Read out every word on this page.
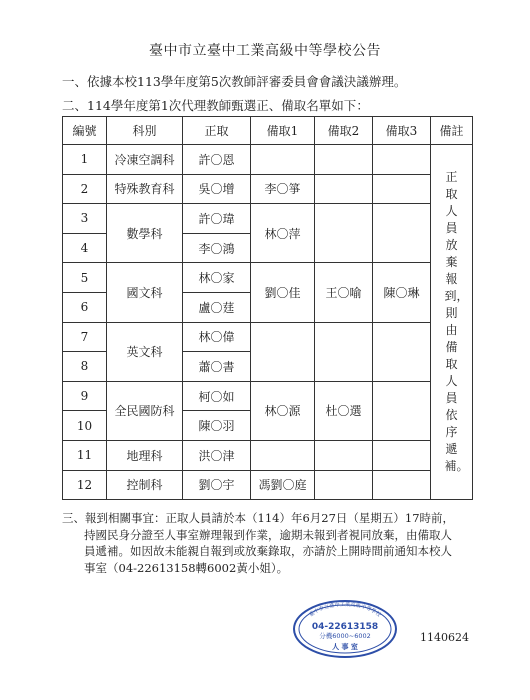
臺中市立臺中工業高級中等學校公告
一、依據本校113學年度第5次教師評審委員會會議決議辦理。
二、114學年度第1次代理教師甄選正、備取名單如下：
編號	科別	正取	備取1	備取2	備取3	備註
1	冷凍空調科	許〇恩				正取人員放棄報到，則由備取人員依序遞補。

2	特殊教育科	吳〇增	李〇箏			
3	數學科	許〇瑋	林〇萍			
4		李〇鴻				
5	國文科	林〇家	劉〇佳	王〇喻	陳〇琳	
6		盧〇莛				
7	英文科	林〇偉				
8		蕭〇書				
9	全民國防科	柯〇如	林〇源	杜〇選		
10		陳〇羽				
11	地理科	洪〇津				
12	控制科	劉〇宇	馮劉〇庭			
三、報到相關事宜：正取人員請於本（114）年6月27日（星期五）17時前，持國民身分證至人事室辦理報到作業，逾期未報到者視同放棄，由備取人員遞補。如因故未能親自報到或放棄錄取，亦請於上開時間前通知本校人事室（04-22613158轉6002黃小姐）。
臺中市立臺中工業高級中等學校
04-22613158
分機6000~6002
人 事 室
1140624
